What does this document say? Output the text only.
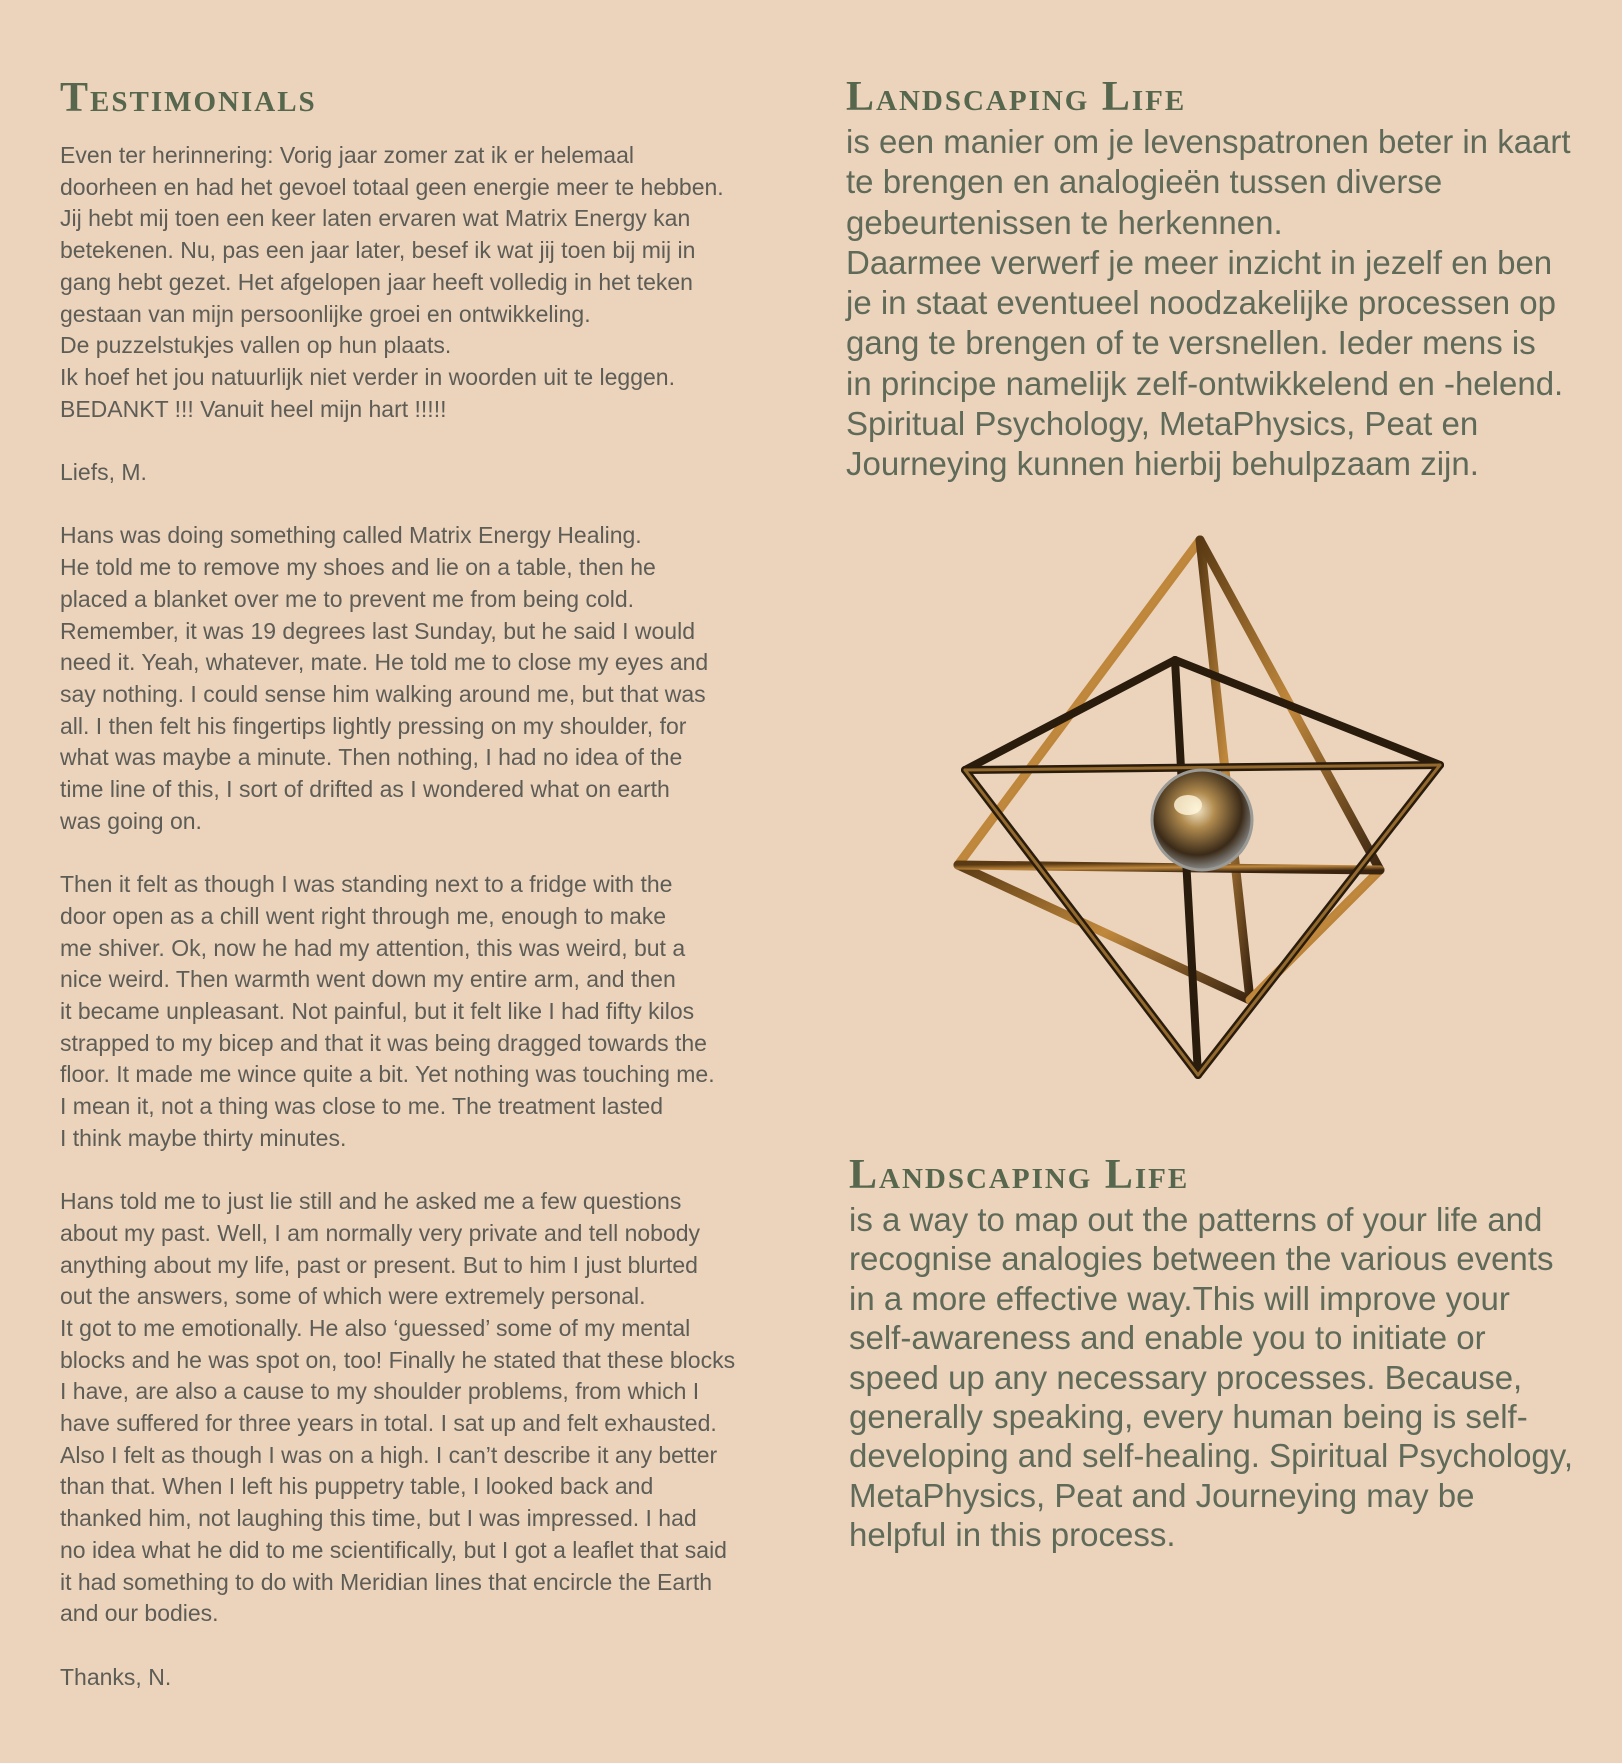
Testimonials

Even ter herinnering: Vorig jaar zomer zat ik er helemaal
doorheen en had het gevoel totaal geen energie meer te hebben.
Jij hebt mij toen een keer laten ervaren wat Matrix Energy kan
betekenen. Nu, pas een jaar later, besef ik wat jij toen bij mij in
gang hebt gezet. Het afgelopen jaar heeft volledig in het teken
gestaan van mijn persoonlijke groei en ontwikkeling.
De puzzelstukjes vallen op hun plaats.
Ik hoef het jou natuurlijk niet verder in woorden uit te leggen.
BEDANKT !!! Vanuit heel mijn hart !!!!!

Liefs, M.

Hans was doing something called Matrix Energy Healing.
He told me to remove my shoes and lie on a table, then he
placed a blanket over me to prevent me from being cold.
Remember, it was 19 degrees last Sunday, but he said I would
need it. Yeah, whatever, mate. He told me to close my eyes and
say nothing. I could sense him walking around me, but that was
all. I then felt his fingertips lightly pressing on my shoulder, for
what was maybe a minute. Then nothing, I had no idea of the
time line of this, I sort of drifted as I wondered what on earth
was going on.

Then it felt as though I was standing next to a fridge with the
door open as a chill went right through me, enough to make
me shiver. Ok, now he had my attention, this was weird, but a
nice weird. Then warmth went down my entire arm, and then
it became unpleasant. Not painful, but it felt like I had fifty kilos
strapped to my bicep and that it was being dragged towards the
floor. It made me wince quite a bit. Yet nothing was touching me.
I mean it, not a thing was close to me. The treatment lasted
I think maybe thirty minutes.

Hans told me to just lie still and he asked me a few questions
about my past. Well, I am normally very private and tell nobody
anything about my life, past or present. But to him I just blurted
out the answers, some of which were extremely personal.
It got to me emotionally. He also ‘guessed’ some of my mental
blocks and he was spot on, too! Finally he stated that these blocks
I have, are also a cause to my shoulder problems, from which I
have suffered for three years in total. I sat up and felt exhausted.
Also I felt as though I was on a high. I can’t describe it any better
than that. When I left his puppetry table, I looked back and
thanked him, not laughing this time, but I was impressed. I had
no idea what he did to me scientifically, but I got a leaflet that said
it had something to do with Meridian lines that encircle the Earth
and our bodies.

Thanks, N.

Landscaping Life

is een manier om je levenspatronen beter in kaart
te brengen en analogieën tussen diverse
gebeurtenissen te herkennen.
Daarmee verwerf je meer inzicht in jezelf en ben
je in staat eventueel noodzakelijke processen op
gang te brengen of te versnellen. Ieder mens is
in principe namelijk zelf-ontwikkelend en -helend.
Spiritual Psychology, MetaPhysics, Peat en
Journeying kunnen hierbij behulpzaam zijn.

Landscaping Life

is a way to map out the patterns of your life and
recognise analogies between the various events
in a more effective way.This will improve your
self-awareness and enable you to initiate or
speed up any necessary processes. Because,
generally speaking, every human being is self-
developing and self-healing. Spiritual Psychology,
MetaPhysics, Peat and Journeying may be
helpful in this process.
